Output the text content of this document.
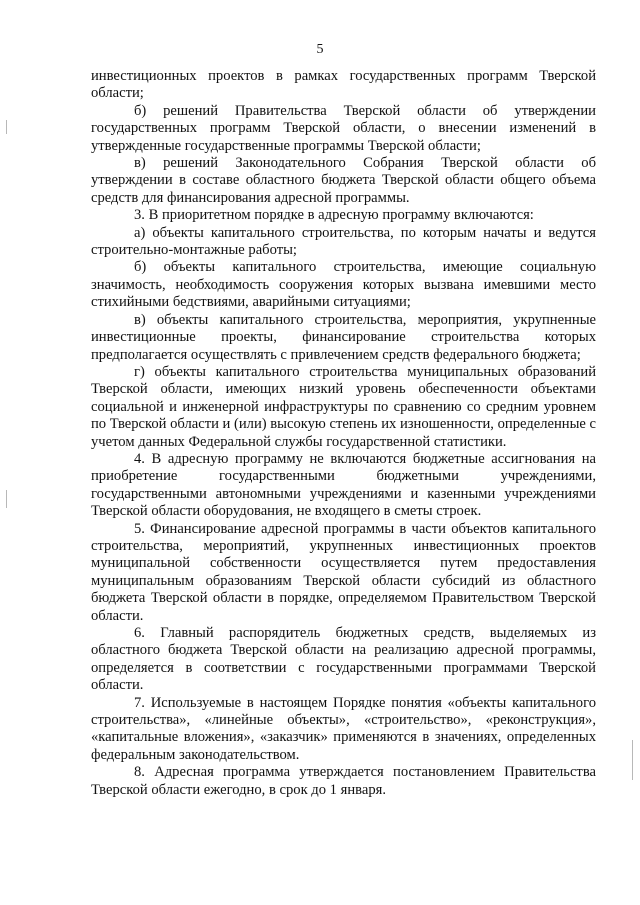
5

инвестиционных проектов в рамках государственных программ Тверской области;

б) решений Правительства Тверской области об утверждении государственных программ Тверской области, о внесении изменений в утвержденные государственные программы Тверской области;

в) решений Законодательного Собрания Тверской области об утверждении в составе областного бюджета Тверской области общего объема средств для финансирования адресной программы.

3. В приоритетном порядке в адресную программу включаются:

а) объекты капитального строительства, по которым начаты и ведутся строительно-монтажные работы;

б) объекты капитального строительства, имеющие социальную значимость, необходимость сооружения которых вызвана имевшими место стихийными бедствиями, аварийными ситуациями;

в) объекты капитального строительства, мероприятия, укрупненные инвестиционные проекты, финансирование строительства которых предполагается осуществлять с привлечением средств федерального бюджета;

г) объекты капитального строительства муниципальных образований Тверской области, имеющих низкий уровень обеспеченности объектами социальной и инженерной инфраструктуры по сравнению со средним уровнем по Тверской области и (или) высокую степень их изношенности, определенные с учетом данных Федеральной службы государственной статистики.

4. В адресную программу не включаются бюджетные ассигнования на приобретение государственными бюджетными учреждениями, государственными автономными учреждениями и казенными учреждениями Тверской области оборудования, не входящего в сметы строек.

5. Финансирование адресной программы в части объектов капитального строительства, мероприятий, укрупненных инвестиционных проектов муниципальной собственности осуществляется путем предоставления муниципальным образованиям Тверской области субсидий из областного бюджета Тверской области в порядке, определяемом Правительством Тверской области.

6. Главный распорядитель бюджетных средств, выделяемых из областного бюджета Тверской области на реализацию адресной программы, определяется в соответствии с государственными программами Тверской области.

7. Используемые в настоящем Порядке понятия «объекты капитального строительства», «линейные объекты», «строительство», «реконструкция», «капитальные вложения», «заказчик» применяются в значениях, определенных федеральным законодательством.

8. Адресная программа утверждается постановлением Правительства Тверской области ежегодно, в срок до 1 января.
